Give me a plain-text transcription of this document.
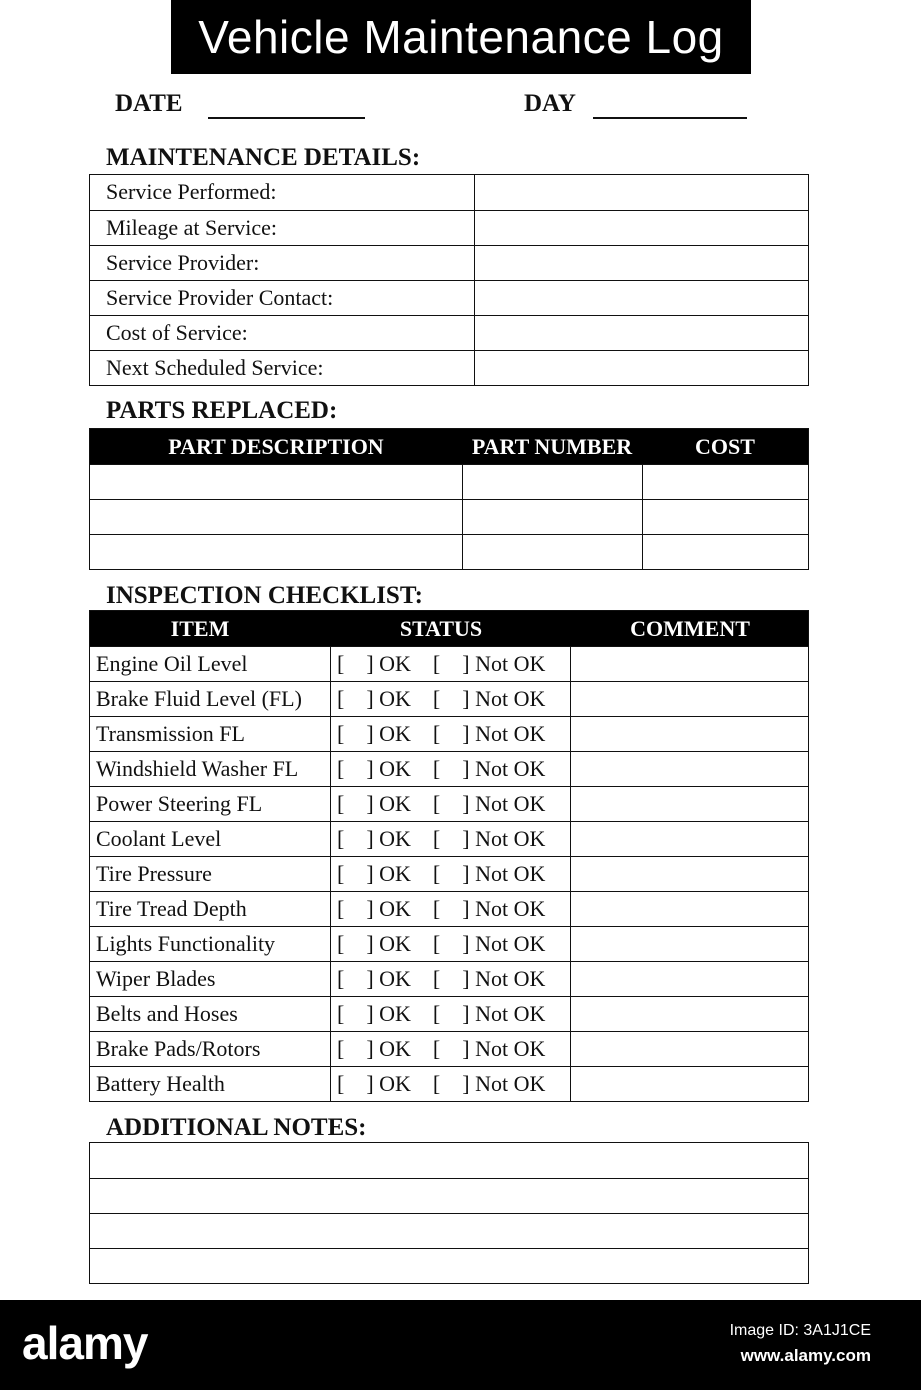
Vehicle Maintenance Log
DATE	DAY
MAINTENANCE DETAILS:
Service Performed:
Mileage at Service:
Service Provider:
Service Provider Contact:
Cost of Service:
Next Scheduled Service:
PARTS REPLACED:
PART DESCRIPTION	PART NUMBER	COST
INSPECTION CHECKLIST:
ITEM	STATUS	COMMENT
Engine Oil Level	[    ] OK    [    ] Not OK
Brake Fluid Level (FL)	[    ] OK    [    ] Not OK
Transmission FL	[    ] OK    [    ] Not OK
Windshield Washer FL	[    ] OK    [    ] Not OK
Power Steering FL	[    ] OK    [    ] Not OK
Coolant Level	[    ] OK    [    ] Not OK
Tire Pressure	[    ] OK    [    ] Not OK
Tire Tread Depth	[    ] OK    [    ] Not OK
Lights Functionality	[    ] OK    [    ] Not OK
Wiper Blades	[    ] OK    [    ] Not OK
Belts and Hoses	[    ] OK    [    ] Not OK
Brake Pads/Rotors	[    ] OK    [    ] Not OK
Battery Health	[    ] OK    [    ] Not OK
ADDITIONAL NOTES:
alamy	Image ID: 3A1J1CE
www.alamy.com
